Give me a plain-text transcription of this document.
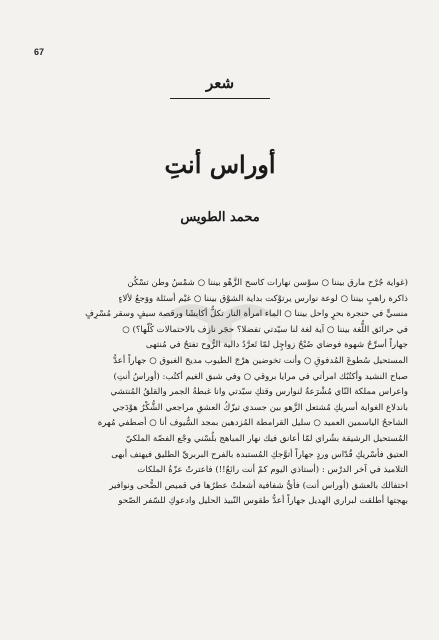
67
شعر
أوراس أنتِ
محمد الطويس

(غواية جُرْح مارق بيننا ○ سوْسن نهارات كاسح الزَّهْو بيننا ○ شمْسُ وطن تسْكُن

ذاكرة راهبٍ بيننا ○ لوعة نوارس يرتوْكت بداية الشوْق بيننا ○ غيْم أسئلة ووَجعُ لألاءٍ

منسيٍّ في حنجرة بحرٍ واحل بيننا ○ الماء امرأة النار تكلُّ أكابشَا ورقصة سيفٍ وسقر مُسْرِفٍ

في حرائق اللُّغة بيننا ○ آية لغة لنا سيّدتي تفضلا؟ حجَر نازف بالاحتمالات كُلّها؟) ○

جهاراً أسرِّحُ شهوة فوضاي صُبْحُ زواجٍل لمّا تَعرَّدُ دالية الرُّوح تفتحُ في مُنتهى

المستحيل سُطوعَ المُدفوقِ ○ وأنت تخوضين هرْجَ الطيوب مديحَ الغبوق ○ جهاراً أعدُّ

صباح النشيد وأكتُبُك امرأتي في مرايا بروقي ○ وفي شبق الغيم أكتُب: (أوراسُ أنتِ)

واعراس مملكة النّاي مُشْرَعةٌ لنوارس وقتكِ سيّدتي وانا غبطةُ الجمر والقلقُ المُنتشي

باندلاع الغواية أسريكِ مُشتعل الزَّهو بين جسدي تيزّكُ العشقِ مراجعي الشُّكْرُ هوْدَجي

الشاجحُ الياسمين العميد ○ سليل القرامطة المُزدهين بمجد السُّيوف أنا ○ أصطفي مُهرة

المُستحيل الرشيقة بشُراي لمّا أعانق فيك نهار المباهج بلُسْني وجْع الفضّة الملكيّ

العتيق فأسْريكِ قُدّاس وردٍ جهاراً أتوَّجكِ المُستبدة بالفرح البربريِّ الطليق فيهتف أبهى

التلاميذ في آخر الدرْس : (أستاذي اليوم كمْ أنت رائعٌ!!) فاعترتْ عزّةُ الملكات

احتفالك بالعشق (أوراس أنت) فأيُّ شفافية أشعلتْ عطرُها في قميص الضُّحى ونوافير

بهجتها أطلقت لبراري الهديل جهاراً أعدُّ طقوس النّبيذ الحليل وادعوكِ للسّفر الصّحو
